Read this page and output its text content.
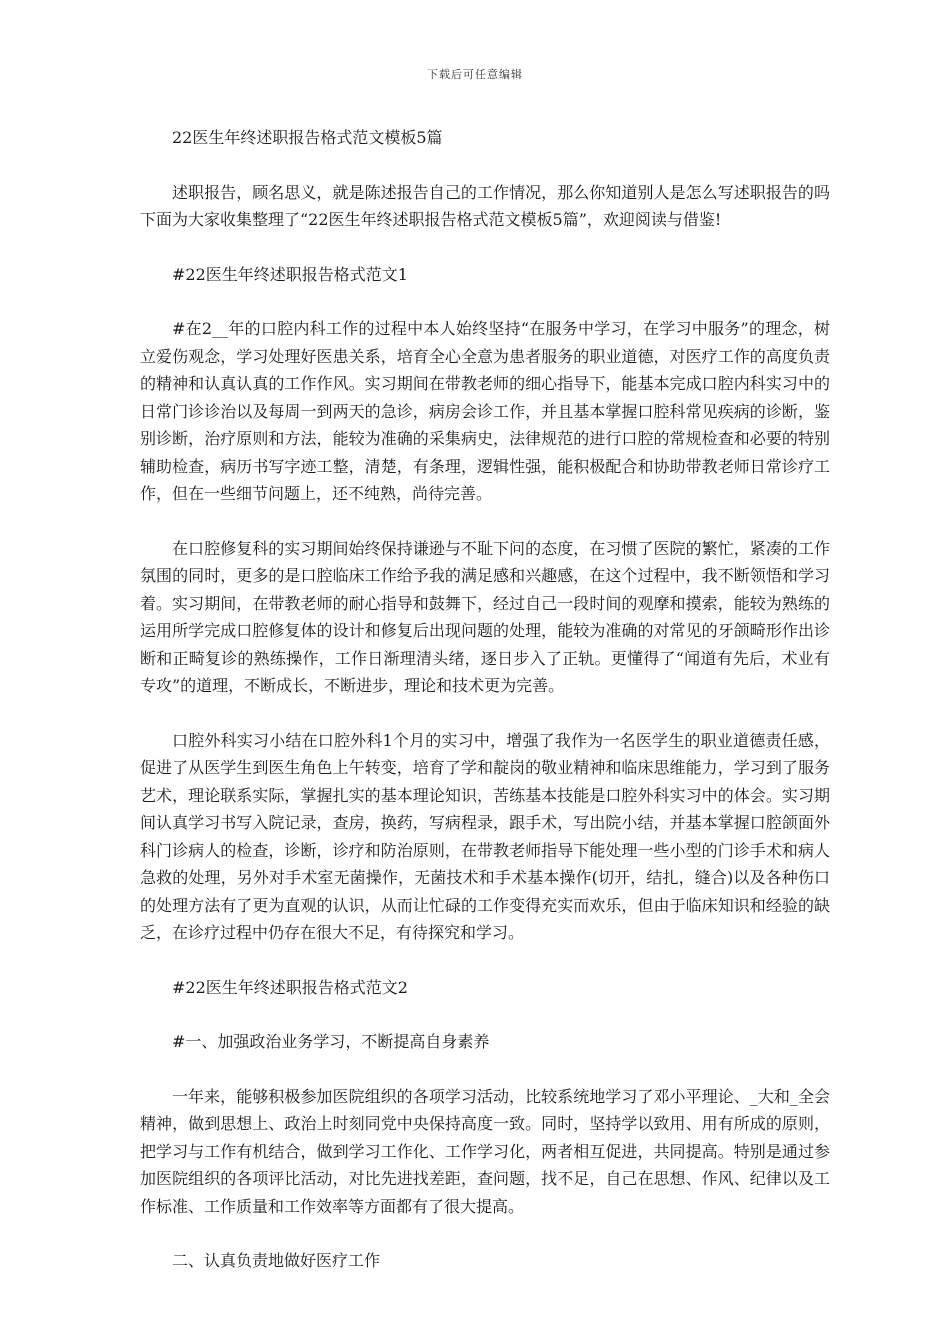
下载后可任意编辑

22医生年终述职报告格式范文模板5篇

述职报告，顾名思义，就是陈述报告自己的工作情况，那么你知道别人是怎么写述职报告的吗下面为大家收集整理了“22医生年终述职报告格式范文模板5篇”，欢迎阅读与借鉴!

#22医生年终述职报告格式范文1

#在2__年的口腔内科工作的过程中本人始终坚持“在服务中学习，在学习中服务”的理念，树立爱伤观念，学习处理好医患关系，培育全心全意为患者服务的职业道德，对医疗工作的高度负责的精神和认真认真的工作作风。实习期间在带教老师的细心指导下，能基本完成口腔内科实习中的日常门诊诊治以及每周一到两天的急诊，病房会诊工作，并且基本掌握口腔科常见疾病的诊断，鉴别诊断，治疗原则和方法，能较为准确的采集病史，法律规范的进行口腔的常规检查和必要的特别辅助检查，病历书写字迹工整，清楚，有条理，逻辑性强，能积极配合和协助带教老师日常诊疗工作，但在一些细节问题上，还不纯熟，尚待完善。

在口腔修复科的实习期间始终保持谦逊与不耻下问的态度，在习惯了医院的繁忙，紧凑的工作氛围的同时，更多的是口腔临床工作给予我的满足感和兴趣感，在这个过程中，我不断领悟和学习着。实习期间，在带教老师的耐心指导和鼓舞下，经过自己一段时间的观摩和摸索，能较为熟练的运用所学完成口腔修复体的设计和修复后出现问题的处理，能较为准确的对常见的牙颌畸形作出诊断和正畸复诊的熟练操作，工作日渐理清头绪，逐日步入了正轨。更懂得了“闻道有先后，术业有专攻”的道理，不断成长，不断进步，理论和技术更为完善。

口腔外科实习小结在口腔外科1个月的实习中，增强了我作为一名医学生的职业道德责任感，促进了从医学生到医生角色上午转变，培育了学和靛岗的敬业精神和临床思维能力，学习到了服务艺术，理论联系实际，掌握扎实的基本理论知识，苦练基本技能是口腔外科实习中的体会。实习期间认真学习书写入院记录，查房，换药，写病程录，跟手术，写出院小结，并基本掌握口腔颌面外科门诊病人的检查，诊断，诊疗和防治原则，在带教老师指导下能处理一些小型的门诊手术和病人急救的处理，另外对手术室无菌操作，无菌技术和手术基本操作(切开，结扎，缝合)以及各种伤口的处理方法有了更为直观的认识，从而让忙碌的工作变得充实而欢乐，但由于临床知识和经验的缺乏，在诊疗过程中仍存在很大不足，有待探究和学习。

#22医生年终述职报告格式范文2

#一、加强政治业务学习，不断提高自身素养

一年来，能够积极参加医院组织的各项学习活动，比较系统地学习了邓小平理论、_大和_全会精神，做到思想上、政治上时刻同党中央保持高度一致。同时，坚持学以致用、用有所成的原则，把学习与工作有机结合，做到学习工作化、工作学习化，两者相互促进，共同提高。特别是通过参加医院组织的各项评比活动，对比先进找差距，查问题，找不足，自己在思想、作风、纪律以及工作标准、工作质量和工作效率等方面都有了很大提高。

二、认真负责地做好医疗工作
